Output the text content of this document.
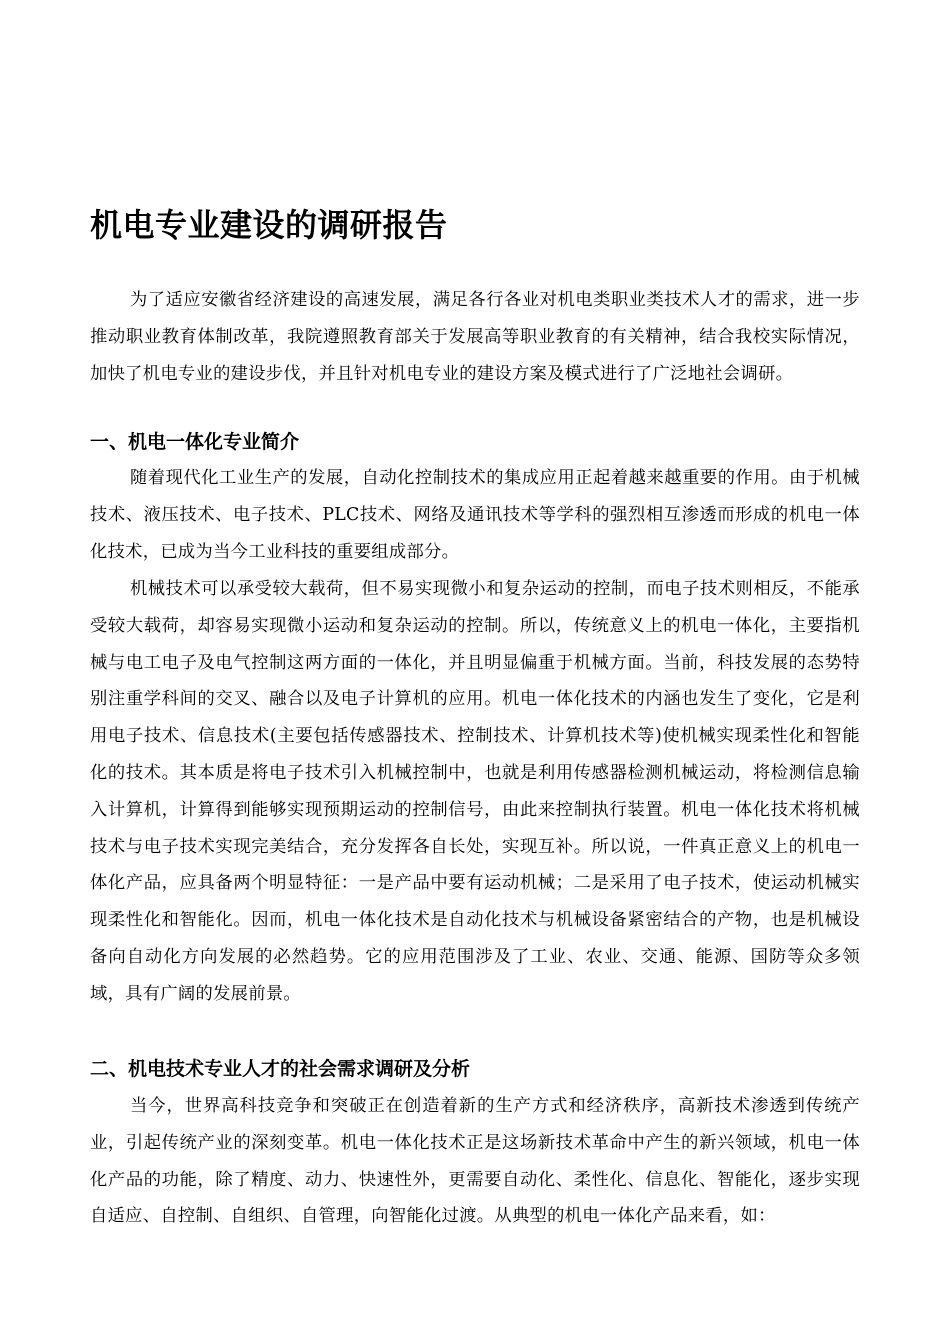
机电专业建设的调研报告

为了适应安徽省经济建设的高速发展，满足各行各业对机电类职业类技术人才的需求，进一步推动职业教育体制改革，我院遵照教育部关于发展高等职业教育的有关精神，结合我校实际情况，加快了机电专业的建设步伐，并且针对机电专业的建设方案及模式进行了广泛地社会调研。

一、机电一体化专业简介

随着现代化工业生产的发展，自动化控制技术的集成应用正起着越来越重要的作用。由于机械技术、液压技术、电子技术、PLC技术、网络及通讯技术等学科的强烈相互渗透而形成的机电一体化技术，已成为当今工业科技的重要组成部分。

机械技术可以承受较大载荷，但不易实现微小和复杂运动的控制，而电子技术则相反，不能承受较大载荷，却容易实现微小运动和复杂运动的控制。所以，传统意义上的机电一体化，主要指机械与电工电子及电气控制这两方面的一体化，并且明显偏重于机械方面。当前，科技发展的态势特别注重学科间的交叉、融合以及电子计算机的应用。机电一体化技术的内涵也发生了变化，它是利用电子技术、信息技术(主要包括传感器技术、控制技术、计算机技术等)使机械实现柔性化和智能化的技术。其本质是将电子技术引入机械控制中，也就是利用传感器检测机械运动，将检测信息输入计算机，计算得到能够实现预期运动的控制信号，由此来控制执行装置。机电一体化技术将机械技术与电子技术实现完美结合，充分发挥各自长处，实现互补。所以说，一件真正意义上的机电一体化产品，应具备两个明显特征：一是产品中要有运动机械；二是采用了电子技术，使运动机械实现柔性化和智能化。因而，机电一体化技术是自动化技术与机械设备紧密结合的产物，也是机械设备向自动化方向发展的必然趋势。它的应用范围涉及了工业、农业、交通、能源、国防等众多领域，具有广阔的发展前景。

二、机电技术专业人才的社会需求调研及分析

当今，世界高科技竞争和突破正在创造着新的生产方式和经济秩序，高新技术渗透到传统产业，引起传统产业的深刻变革。机电一体化技术正是这场新技术革命中产生的新兴领域，机电一体化产品的功能，除了精度、动力、快速性外，更需要自动化、柔性化、信息化、智能化，逐步实现自适应、自控制、自组织、自管理，向智能化过渡。从典型的机电一体化产品来看，如：
